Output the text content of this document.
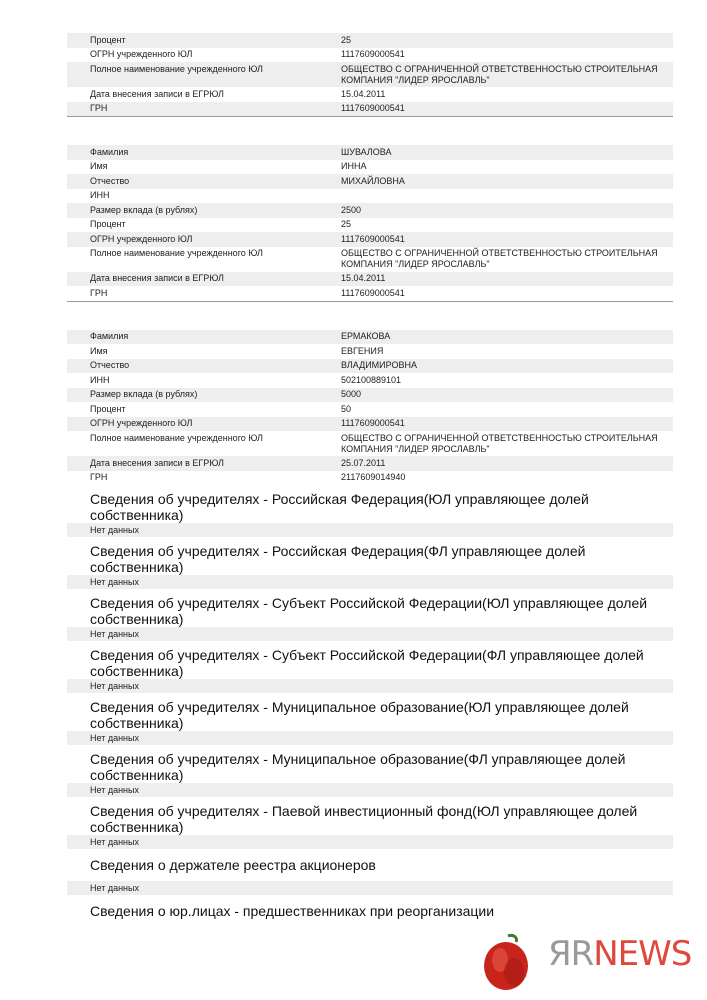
Процент	25
ОГРН учрежденного ЮЛ	1117609000541
Полное наименование учрежденного ЮЛ	ОБЩЕСТВО С ОГРАНИЧЕННОЙ ОТВЕТСТВЕННОСТЬЮ СТРОИТЕЛЬНАЯ КОМПАНИЯ "ЛИДЕР ЯРОСЛАВЛЬ"
Дата внесения записи в ЕГРЮЛ	15.04.2011
ГРН	1117609000541
Фамилия	ШУВАЛОВА
Имя	ИННА
Отчество	МИХАЙЛОВНА
ИНН
Размер вклада (в рублях)	2500
Процент	25
ОГРН учрежденного ЮЛ	1117609000541
Полное наименование учрежденного ЮЛ	ОБЩЕСТВО С ОГРАНИЧЕННОЙ ОТВЕТСТВЕННОСТЬЮ СТРОИТЕЛЬНАЯ КОМПАНИЯ "ЛИДЕР ЯРОСЛАВЛЬ"
Дата внесения записи в ЕГРЮЛ	15.04.2011
ГРН	1117609000541
Фамилия	ЕРМАКОВА
Имя	ЕВГЕНИЯ
Отчество	ВЛАДИМИРОВНА
ИНН	502100889101
Размер вклада (в рублях)	5000
Процент	50
ОГРН учрежденного ЮЛ	1117609000541
Полное наименование учрежденного ЮЛ	ОБЩЕСТВО С ОГРАНИЧЕННОЙ ОТВЕТСТВЕННОСТЬЮ СТРОИТЕЛЬНАЯ КОМПАНИЯ "ЛИДЕР ЯРОСЛАВЛЬ"
Дата внесения записи в ЕГРЮЛ	25.07.2011
ГРН	2117609014940
Сведения об учредителях - Российская Федерация(ЮЛ управляющее долей собственника)
Нет данных
Сведения об учредителях - Российская Федерация(ФЛ управляющее долей собственника)
Нет данных
Сведения об учредителях - Субъект Российской Федерации(ЮЛ управляющее долей собственника)
Нет данных
Сведения об учредителях - Субъект Российской Федерации(ФЛ управляющее долей собственника)
Нет данных
Сведения об учредителях - Муниципальное образование(ЮЛ управляющее долей собственника)
Нет данных
Сведения об учредителях - Муниципальное образование(ФЛ управляющее долей собственника)
Нет данных
Сведения об учредителях - Паевой инвестиционный фонд(ЮЛ управляющее долей собственника)
Нет данных
Сведения о держателе реестра акционеров
Нет данных
Сведения о юр.лицах - предшественниках при реорганизации
ЯRNEWS
